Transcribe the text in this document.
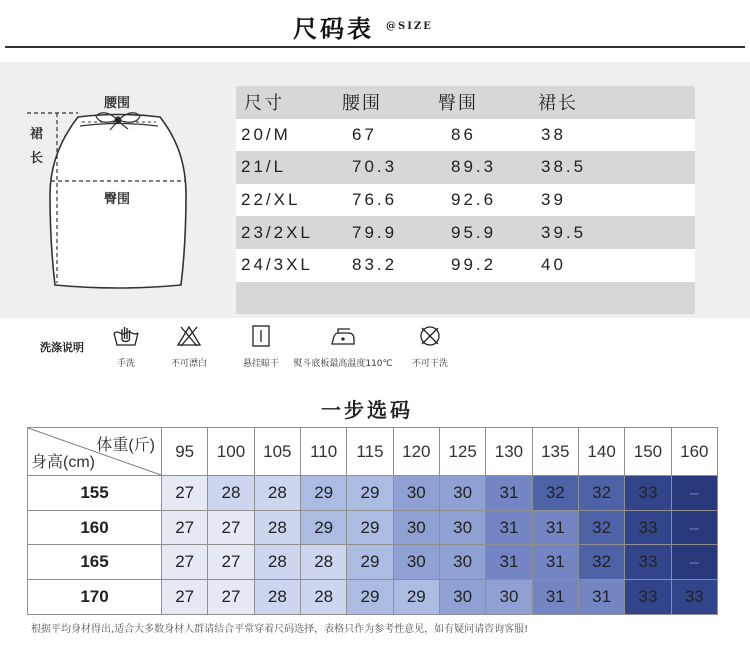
尺码表 @SIZE
腰围
臀围
裙
长
尺寸	腰围	臀围	裙长
20/M	67	86	38
21/L	70.3	89.3	38.5
22/XL	76.6	92.6	39
23/2XL	79.9	95.9	39.5
24/3XL	83.2	99.2	40

洗涤说明
手洗	不可漂白	悬挂晾干	熨斗底板最高温度110℃	不可干洗
一步选码
体重(斤)
身高(cm)	95	100	105	110	115	120	125	130	135	140	150	160
155	27	28	28	29	29	30	30	31	32	32	33	–
160	27	27	28	29	29	30	30	31	31	32	33	–
165	27	27	28	28	29	30	30	31	31	32	33	–
170	27	27	28	28	29	29	30	30	31	31	33	33
根据平均身材得出,适合大多数身材人群请结合平常穿着尺码选择，表格只作为参考性意见，如有疑问请咨询客服!
